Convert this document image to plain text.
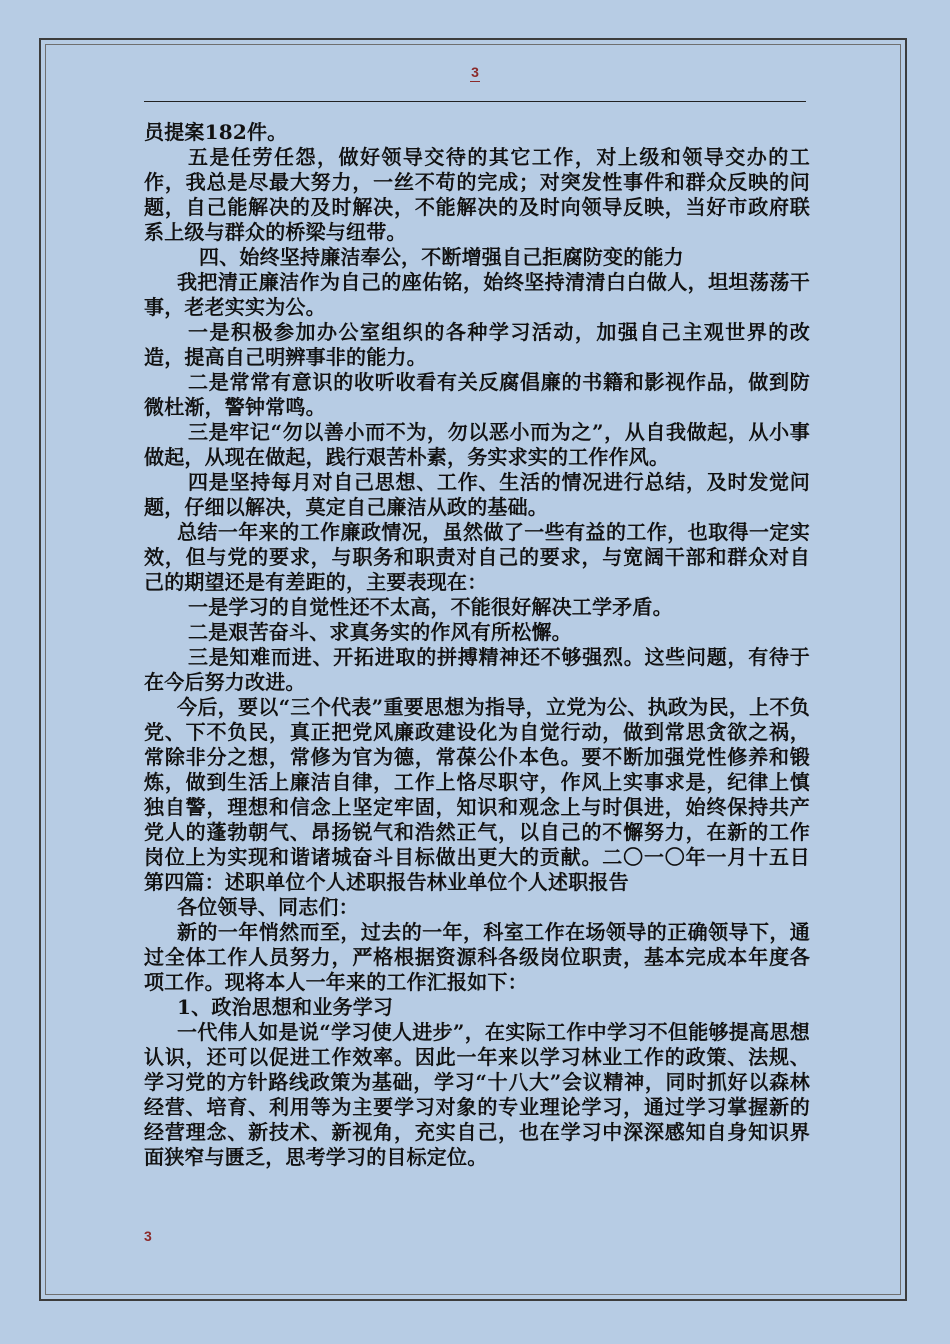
3

员提案182件。

五是任劳任怨，做好领导交待的其它工作，对上级和领导交办的工作，我总是尽最大努力，一丝不苟的完成；对突发性事件和群众反映的问题，自己能解决的及时解决，不能解决的及时向领导反映，当好市政府联系上级与群众的桥梁与纽带。

四、始终坚持廉洁奉公，不断增强自己拒腐防变的能力

我把清正廉洁作为自己的座佑铭，始终坚持清清白白做人，坦坦荡荡干事，老老实实为公。

一是积极参加办公室组织的各种学习活动，加强自己主观世界的改造，提高自己明辨事非的能力。

二是常常有意识的收听收看有关反腐倡廉的书籍和影视作品，做到防微杜渐，警钟常鸣。

三是牢记“勿以善小而不为，勿以恶小而为之”，从自我做起，从小事做起，从现在做起，践行艰苦朴素，务实求实的工作作风。

四是坚持每月对自己思想、工作、生活的情况进行总结，及时发觉问题，仔细以解决，莫定自己廉洁从政的基础。

总结一年来的工作廉政情况，虽然做了一些有益的工作，也取得一定实效，但与党的要求，与职务和职责对自己的要求，与宽阔干部和群众对自己的期望还是有差距的，主要表现在：

一是学习的自觉性还不太高，不能很好解决工学矛盾。

二是艰苦奋斗、求真务实的作风有所松懈。

三是知难而进、开拓进取的拼搏精神还不够强烈。这些问题，有待于在今后努力改进。

今后，要以“三个代表”重要思想为指导，立党为公、执政为民，上不负党、下不负民，真正把党风廉政建设化为自觉行动，做到常思贪欲之祸，常除非分之想，常修为官为德，常葆公仆本色。要不断加强党性修养和锻炼，做到生活上廉洁自律，工作上恪尽职守，作风上实事求是，纪律上慎独自警，理想和信念上坚定牢固，知识和观念上与时俱进，始终保持共产党人的蓬勃朝气、昂扬锐气和浩然正气，以自己的不懈努力，在新的工作岗位上为实现和谐诸城奋斗目标做出更大的贡献。二〇一〇年一月十五日第四篇：述职单位个人述职报告林业单位个人述职报告

各位领导、同志们：

新的一年悄然而至，过去的一年，科室工作在场领导的正确领导下，通过全体工作人员努力，严格根据资源科各级岗位职责，基本完成本年度各项工作。现将本人一年来的工作汇报如下：

1、政治思想和业务学习

一代伟人如是说“学习使人进步”，在实际工作中学习不但能够提高思想认识，还可以促进工作效率。因此一年来以学习林业工作的政策、法规、学习党的方针路线政策为基础，学习“十八大”会议精神，同时抓好以森林经营、培育、利用等为主要学习对象的专业理论学习，通过学习掌握新的经营理念、新技术、新视角，充实自己，也在学习中深深感知自身知识界面狭窄与匮乏，思考学习的目标定位。

3
